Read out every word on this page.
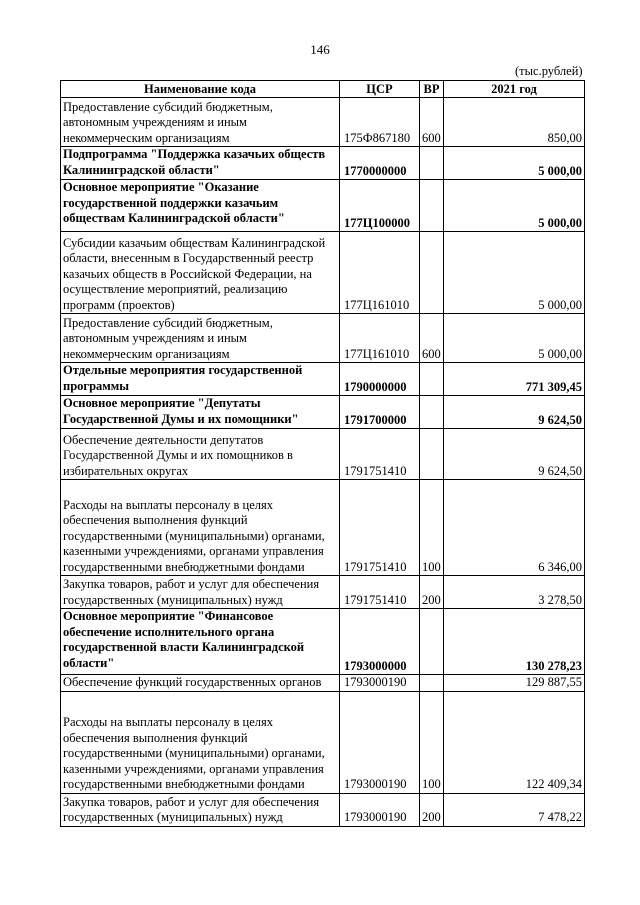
146
(тыс.рублей)
Наименование кода	ЦСР	ВР	2021 год
Предоставление субсидий бюджетным, автономным учреждениям и иным некоммерческим организациям	175Ф867180	600	850,00
Подпрограмма "Поддержка казачьих обществ Калининградской области"	1770000000		5 000,00
Основное мероприятие "Оказание государственной поддержки казачьим обществам Калининградской области"	177Ц100000		5 000,00
Субсидии казачьим обществам Калининградской области, внесенным в Государственный реестр казачьих обществ в Российской Федерации, на осуществление мероприятий, реализацию программ (проектов)	177Ц161010		5 000,00
Предоставление субсидий бюджетным, автономным учреждениям и иным некоммерческим организациям	177Ц161010	600	5 000,00
Отдельные мероприятия государственной программы	1790000000		771 309,45
Основное мероприятие "Депутаты Государственной Думы и их помощники"	1791700000		9 624,50
Обеспечение деятельности депутатов Государственной Думы и их помощников в избирательных округах	1791751410		9 624,50
Расходы на выплаты персоналу в целях обеспечения выполнения функций государственными (муниципальными) органами, казенными учреждениями, органами управления государственными внебюджетными фондами	1791751410	100	6 346,00
Закупка товаров, работ и услуг для обеспечения государственных (муниципальных) нужд	1791751410	200	3 278,50
Основное мероприятие "Финансовое обеспечение исполнительного органа государственной власти Калининградской области"	1793000000		130 278,23
Обеспечение функций государственных органов	1793000190		129 887,55
Расходы на выплаты персоналу в целях обеспечения выполнения функций государственными (муниципальными) органами, казенными учреждениями, органами управления государственными внебюджетными фондами	1793000190	100	122 409,34
Закупка товаров, работ и услуг для обеспечения государственных (муниципальных) нужд	1793000190	200	7 478,22
